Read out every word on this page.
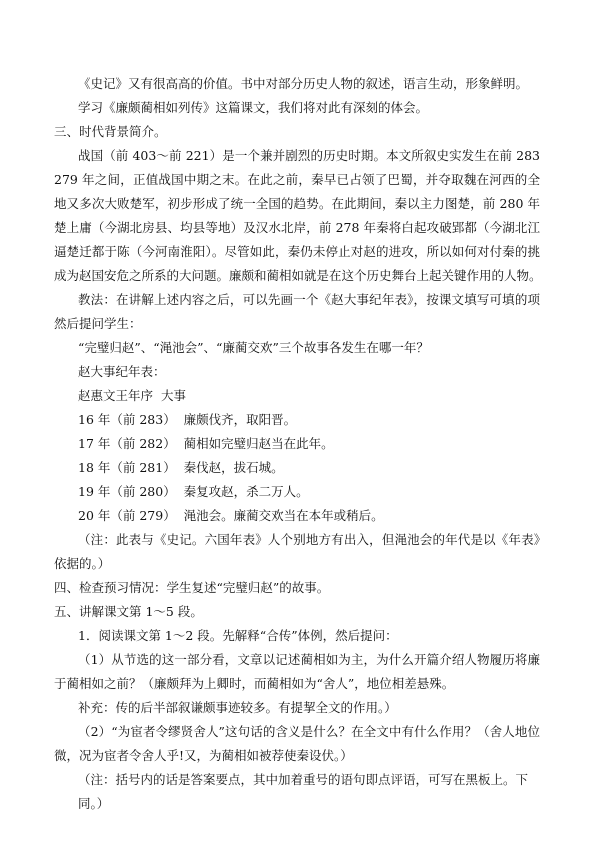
《史记》又有很高高的价值。书中对部分历史人物的叙述，语言生动，形象鲜明。
学习《廉颇蔺相如列传》这篇课文，我们将对此有深刻的体会。
三、时代背景简介。
战国（前 403～前 221）是一个兼并剧烈的历史时期。本文所叙史实发生在前 283
279 年之间，正值战国中期之末。在此之前，秦早已占领了巴蜀，并夺取魏在河西的全
地又多次大败楚军，初步形成了统一全国的趋势。在此期间，秦以主力图楚，前 280 年
楚上庸（今湖北房县、均县等地）及汉水北岸，前 278 年秦将白起攻破郢都（今湖北江
逼楚迁都于陈（今河南淮阳）。尽管如此，秦仍未停止对赵的进攻，所以如何对付秦的挑
成为赵国安危之所系的大问题。廉颇和蔺相如就是在这个历史舞台上起关键作用的人物。
教法：在讲解上述内容之后，可以先画一个《赵大事纪年表》，按课文填写可填的项
然后提问学生：
“完璧归赵”、“渑池会”、“廉蔺交欢”三个故事各发生在哪一年？
赵大事纪年表：
赵惠文王年序  大事
16 年（前 283）  廉颇伐齐，取阳晋。
17 年（前 282）  蔺相如完璧归赵当在此年。
18 年（前 281）  秦伐赵，拔石城。
19 年（前 280）  秦复攻赵，杀二万人。
20 年（前 279）  渑池会。廉蔺交欢当在本年或稍后。
（注：此表与《史记。六国年表》人个别地方有出入，但渑池会的年代是以《年表》
依据的。）
四、检查预习情况：学生复述“完璧归赵”的故事。
五、讲解课文第 1～5 段。
1．阅读课文第 1～2 段。先解释“合传”体例，然后提问：
（1）从节选的这一部分看，文章以记述蔺相如为主，为什么开篇介绍人物履历将廉
于蔺相如之前？（廉颇拜为上卿时，而蔺相如为“舍人”，地位相差悬殊。
补充：传的后半部叙谦颇事迹较多。有提挈全文的作用。）
（2）“为宦者令缪贤舍人”这句话的含义是什么？在全文中有什么作用？（舍人地位
微，况为宦者令舍人乎!又，为蔺相如被荐使秦设伏。）
（注：括号内的话是答案要点，其中加着重号的语句即点评语，可写在黑板上。下
同。）
